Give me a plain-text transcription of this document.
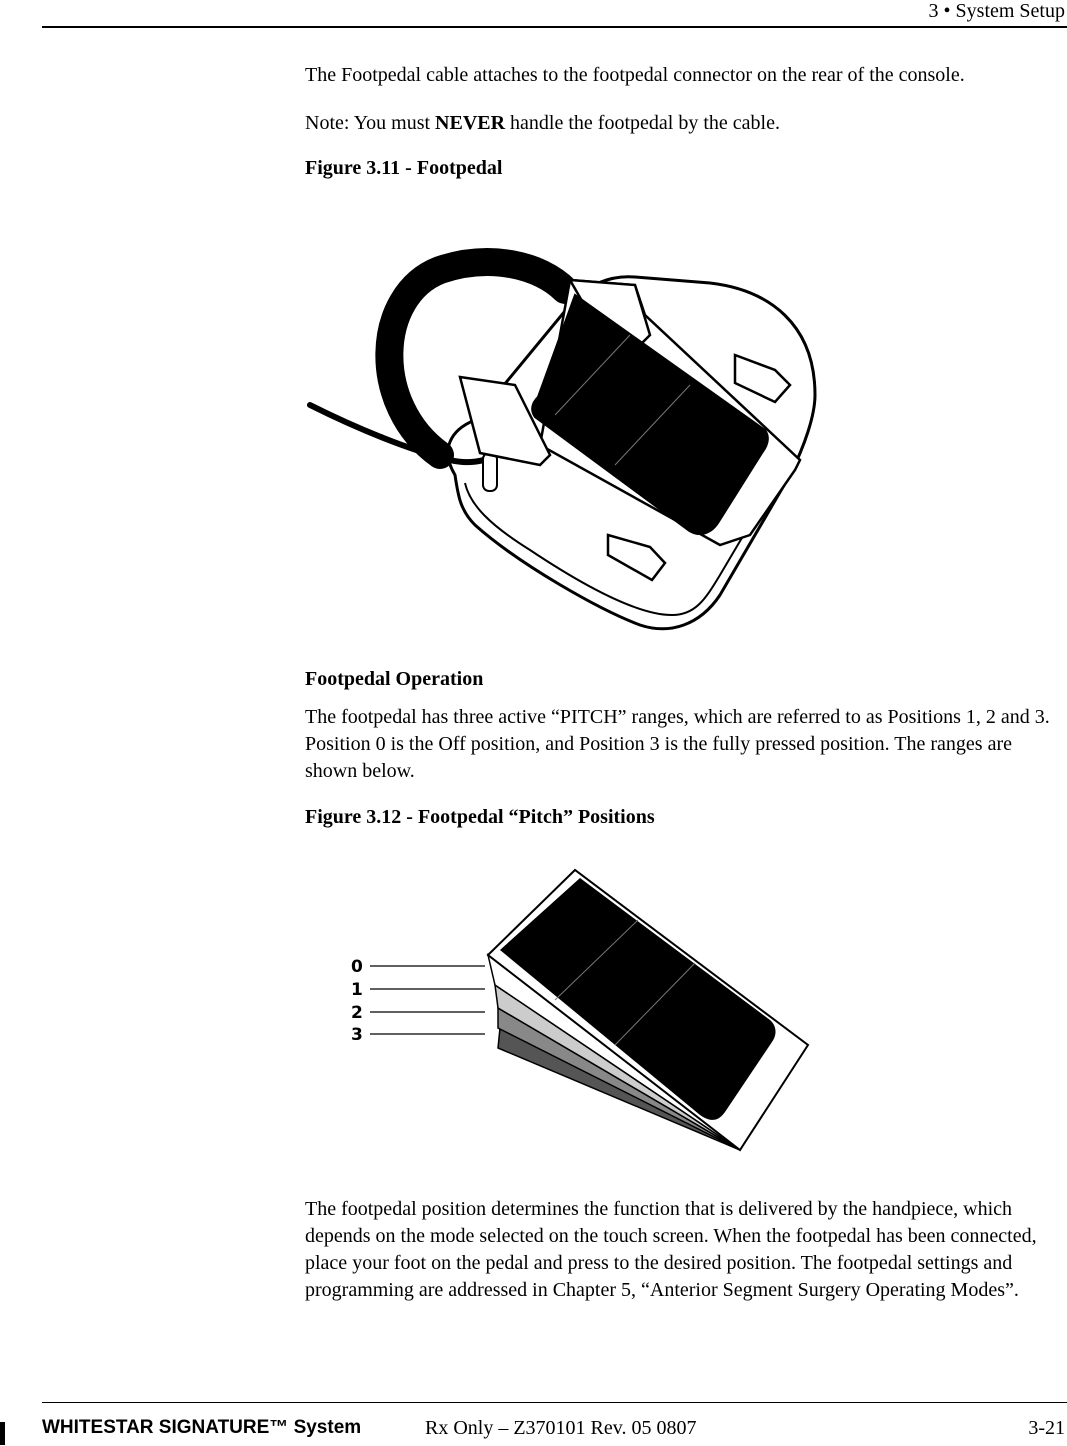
3 • System Setup

The Footpedal cable attaches to the footpedal connector on the rear of the console.

Note: You must NEVER handle the footpedal by the cable.

Figure 3.11 - Footpedal

Footpedal Operation

The footpedal has three active “PITCH” ranges, which are referred to as Positions 1, 2 and 3. Position 0 is the Off position, and Position 3 is the fully pressed position. The ranges are shown below.

Figure 3.12 - Footpedal “Pitch” Positions

0
1
2
3

The footpedal position determines the function that is delivered by the handpiece, which depends on the mode selected on the touch screen. When the footpedal has been connected, place your foot on the pedal and press to the desired position. The footpedal settings and programming are addressed in Chapter 5, “Anterior Segment Surgery Operating Modes”.

WHITESTAR SIGNATURE™ System	Rx Only – Z370101 Rev. 05 0807	3-21
